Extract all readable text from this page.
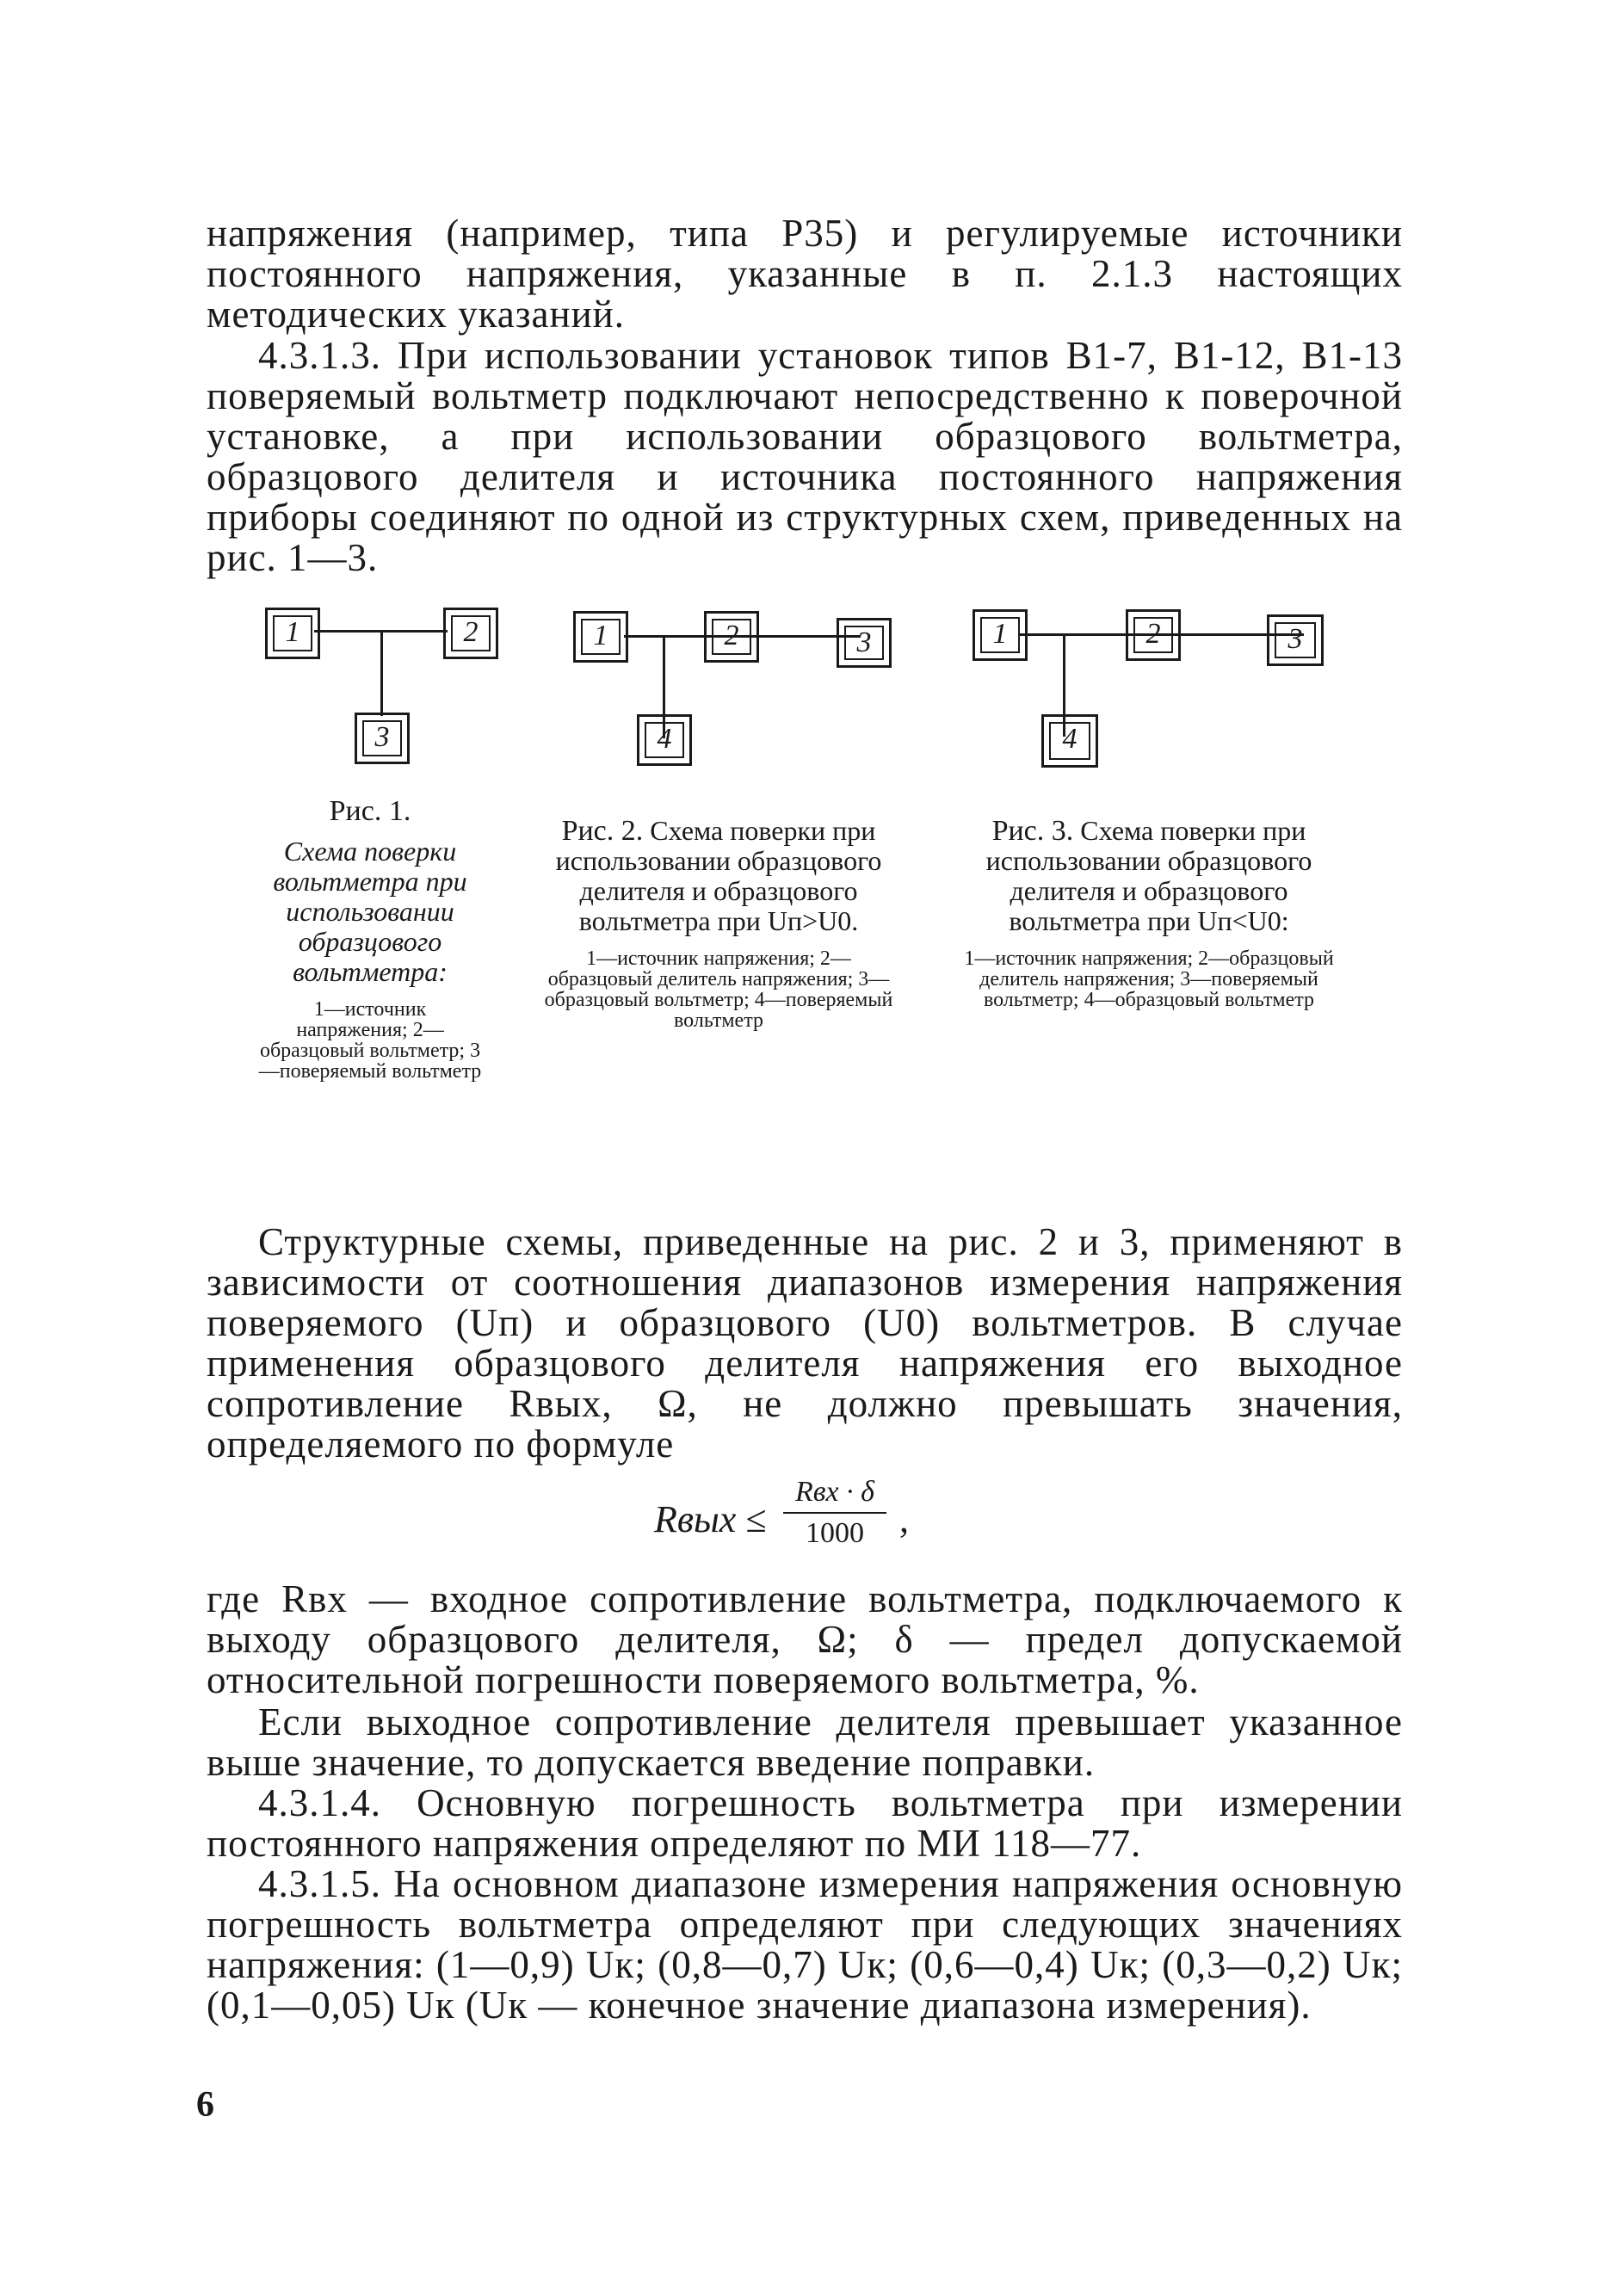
напряжения (например, типа Р35) и регулируемые источники постоянного напряжения, указанные в п. 2.1.3 настоящих методических указаний.
4.3.1.3. При использовании установок типов В1-7, В1-12, В1-13 поверяемый вольтметр подключают непосредственно к поверочной установке, а при использовании образцового вольтметра, образцового делителя и источника постоянного напряжения приборы соединяют по одной из структурных схем, приведенных на рис. 1—3.
1	2
3
1	2	3
4
1	2	3
4
Рис. 1.
Схема поверки вольтметра при использовании образцового вольтметра:
1—источник напряжения; 2—образцовый вольтметр; 3—поверяемый вольтметр
Рис. 2. Схема поверки при использовании образцового делителя и образцового вольтметра при Uп>U0.
1—источник напряжения; 2—образцовый делитель напряжения; 3—образцовый вольтметр; 4—поверяемый вольтметр
Рис. 3. Схема поверки при использовании образцового делителя и образцового вольтметра при Uп<U0:
1—источник напряжения; 2—образцовый делитель напряжения; 3—поверяемый вольтметр; 4—образцовый вольтметр
Структурные схемы, приведенные на рис. 2 и 3, применяют в зависимости от соотношения диапазонов измерения напряжения поверяемого (Uп) и образцового (U0) вольтметров. В случае применения образцового делителя напряжения его выходное сопротивление Rвых, Ω, не должно превышать значения, определяемого по формуле
Rвых ≤
Rвх · δ
1000 ,
где Rвх — входное сопротивление вольтметра, подключаемого к выходу образцового делителя, Ω; δ — предел допускаемой относительной погрешности поверяемого вольтметра, %.
Если выходное сопротивление делителя превышает указанное выше значение, то допускается введение поправки.
4.3.1.4. Основную погрешность вольтметра при измерении постоянного напряжения определяют по МИ 118—77.
4.3.1.5. На основном диапазоне измерения напряжения основную погрешность вольтметра определяют при следующих значениях напряжения: (1—0,9) Uк; (0,8—0,7) Uк; (0,6—0,4) Uк; (0,3—0,2) Uк; (0,1—0,05) Uк (Uк — конечное значение диапазона измерения).
6
